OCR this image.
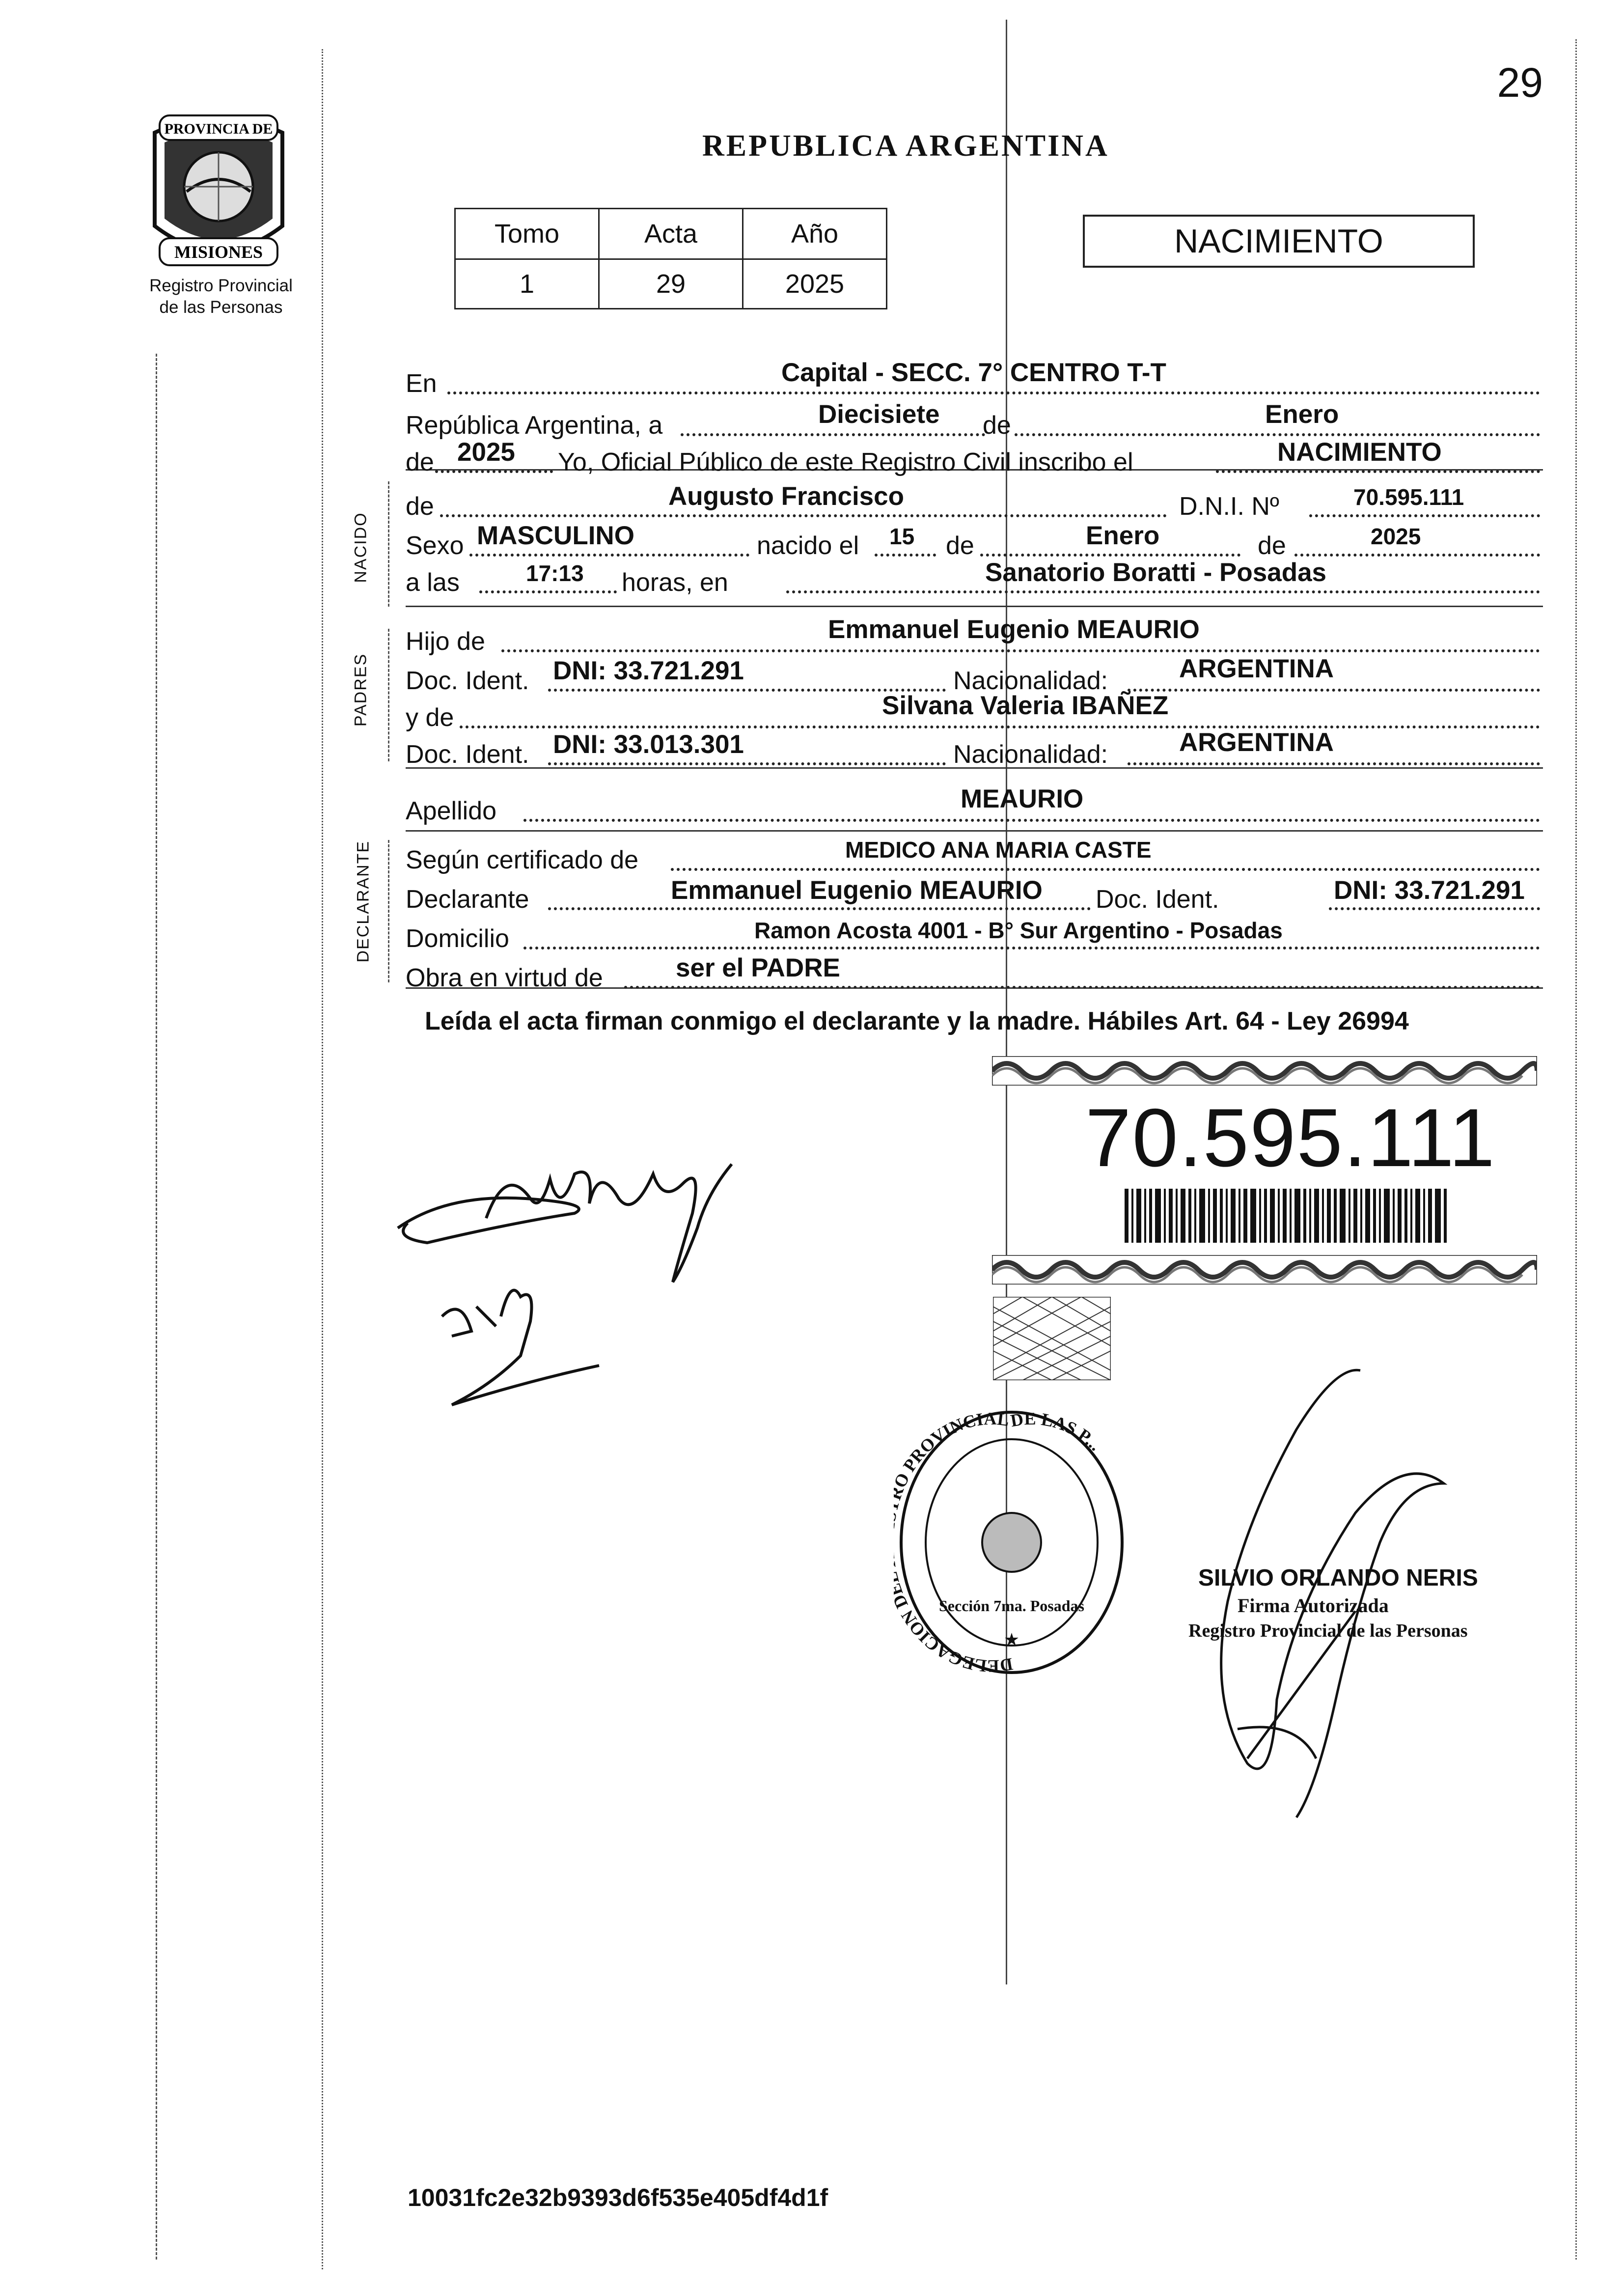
PROVINCIA DE
MISIONES
Registro Provincial
de las Personas
29
REPUBLICA ARGENTINA
Tomo	Acta	Año
1	29	2025
NACIMIENTO
NACIDO
PADRES
DECLARANTE
En	Capital - SECC. 7° CENTRO T-T
República Argentina, a	Diecisiete de	Enero
de 2025 Yo, Oficial Público de este Registro Civil inscribo el	NACIMIENTO
de	Augusto Francisco	D.N.I. Nº	70.595.111
Sexo MASCULINO	nacido el 15 de	Enero	de	2025
a las	17:13 horas, en	Sanatorio Boratti - Posadas
Hijo de	Emmanuel Eugenio MEAURIO
Doc. Ident. DNI: 33.721.291	Nacionalidad:	ARGENTINA
y de	Silvana Valeria IBAÑEZ
Doc. Ident. DNI: 33.013.301	Nacionalidad:	ARGENTINA
Apellido	MEAURIO
Según certificado de	MEDICO ANA MARIA CASTE
Declarante	Emmanuel Eugenio MEAURIO Doc. Ident.	DNI: 33.721.291
Domicilio	Ramon Acosta 4001 - B° Sur Argentino - Posadas
Obra en virtud de	ser el PADRE
Leída el acta firman conmigo el declarante y la madre. Hábiles Art. 64 - Ley 26994
70.595.111
DELEGACION PROVINCIAL DE LAS P...
Sección 7ma. Posadas
★
SILVIO ORLANDO NERIS
Firma Autorizada
Registro Provincial de las Personas
10031fc2e32b9393d6f535e405df4d1f
